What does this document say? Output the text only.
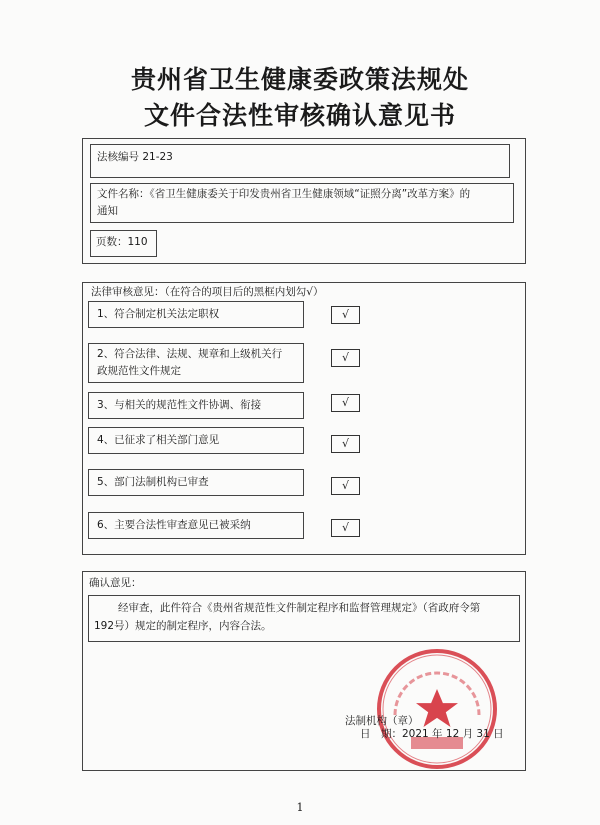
贵州省卫生健康委政策法规处
文件合法性审核确认意见书
法核编号 21-23
文件名称：《省卫生健康委关于印发贵州省卫生健康领域“证照分离”改革方案》的
通知
页数：110
法律审核意见：（在符合的项目后的黑框内划勾√）
1、符合制定机关法定职权	√
2、符合法律、法规、规章和上级机关行
政规范性文件规定
√
3、与相关的规范性文件协调、衔接	√
4、已征求了相关部门意见	√
5、部门法制机构已审查	√
6、主要合法性审查意见已被采纳	√
确认意见：
经审查，此件符合《贵州省规范性文件制定程序和监督管理规定》（省政府令第
192号）规定的制定程序，内容合法。
法制机构（章）
日　期：2021 年 12 月 31 日
1
